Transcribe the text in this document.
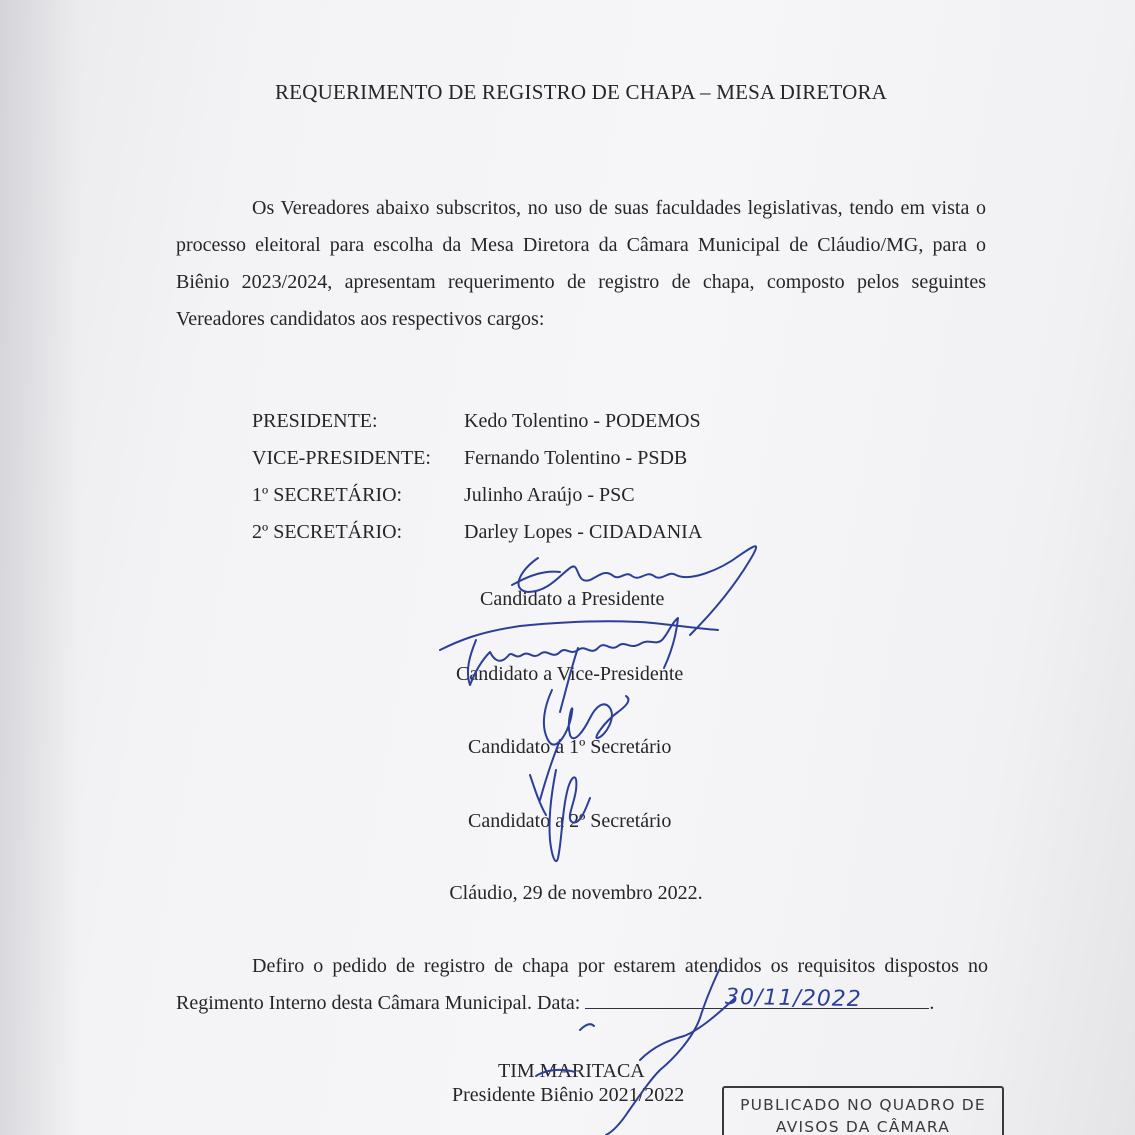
REQUERIMENTO DE REGISTRO DE CHAPA – MESA DIRETORA

Os Vereadores abaixo subscritos, no uso de suas faculdades legislativas, tendo em vista o processo eleitoral para escolha da Mesa Diretora da Câmara Municipal de Cláudio/MG, para o Biênio 2023/2024, apresentam requerimento de registro de chapa, composto pelos seguintes Vereadores candidatos aos respectivos cargos:

PRESIDENTE:	Kedo Tolentino - PODEMOS
VICE-PRESIDENTE:	Fernando Tolentino - PSDB
1º SECRETÁRIO:	Julinho Araújo - PSC
2º SECRETÁRIO:	Darley Lopes - CIDADANIA
Candidato a Presidente
Candidato a Vice-Presidente
Candidato a 1º Secretário
Candidato a 2º Secretário
Cláudio, 29 de novembro 2022.

Defiro o pedido de registro de chapa por estarem atendidos os requisitos dispostos no
Regimento Interno desta Câmara Municipal. Data:	30/11/2022	.

TIM MARITACA
Presidente Biênio 2021/2022	PUBLICADO NO QUADRO DE
AVISOS DA CÂMARA
